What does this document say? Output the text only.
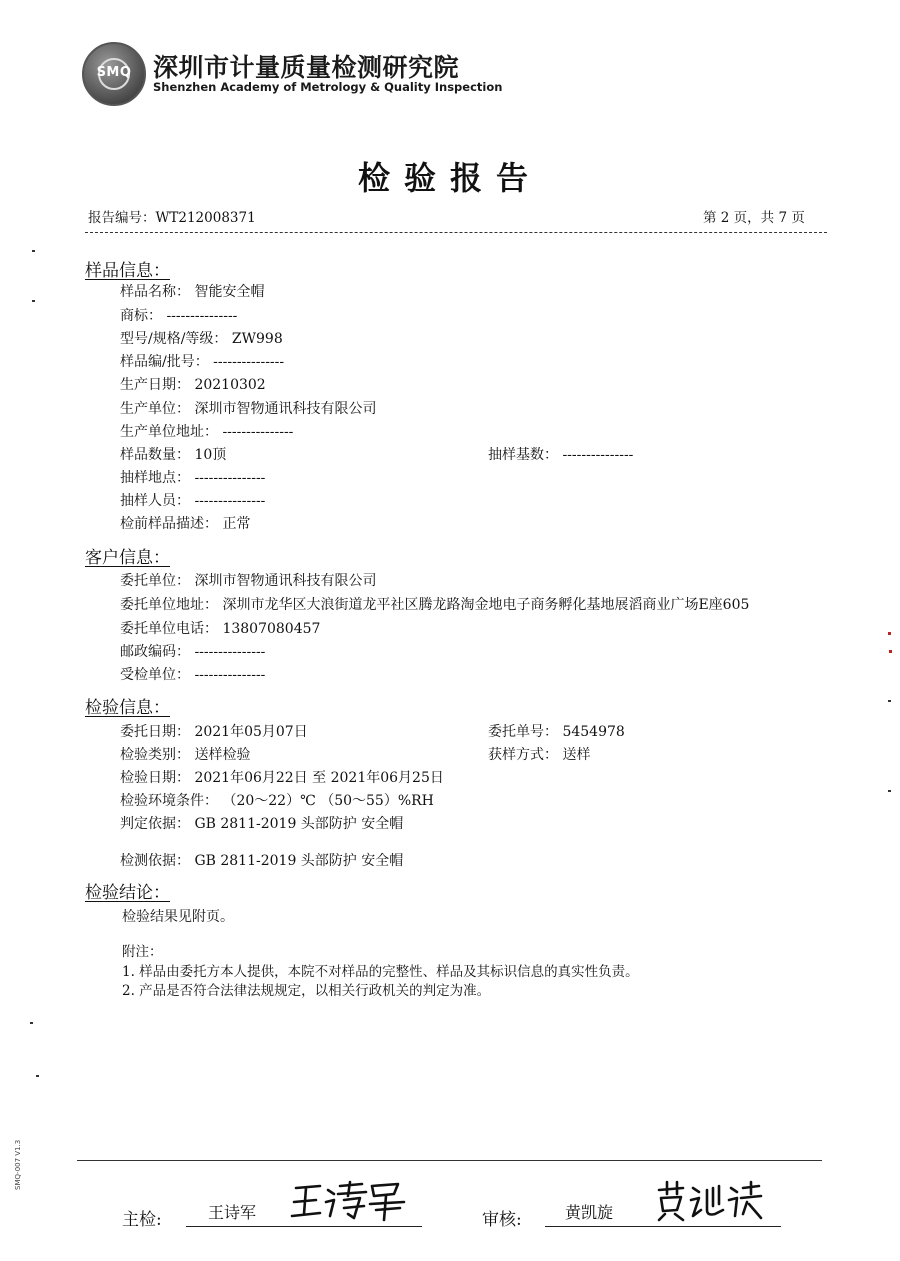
SMQ 深圳市计量质量检测研究院
Shenzhen Academy of Metrology & Quality Inspection
检验报告
报告编号：WT212008371	第 2 页，共 7 页
样品信息：
样品名称： 智能安全帽
商标： ---------------
型号/规格/等级： ZW998
样品编/批号： ---------------
生产日期： 20210302
生产单位： 深圳市智物通讯科技有限公司
生产单位地址： ---------------
样品数量： 10顶	抽样基数： ---------------
抽样地点： ---------------
抽样人员： ---------------
检前样品描述： 正常
客户信息：
委托单位： 深圳市智物通讯科技有限公司
委托单位地址： 深圳市龙华区大浪街道龙平社区腾龙路淘金地电子商务孵化基地展滔商业广场E座605
委托单位电话： 13807080457
邮政编码： ---------------
受检单位： ---------------
检验信息：
委托日期： 2021年05月07日	委托单号： 5454978
检验类别： 送样检验	获样方式： 送样
检验日期： 2021年06月22日 至 2021年06月25日
检验环境条件： （20～22）℃ （50～55）%RH
判定依据： GB 2811-2019 头部防护 安全帽
检测依据： GB 2811-2019 头部防护 安全帽
检验结论：
检验结果见附页。
附注：
1. 样品由委托方本人提供，本院不对样品的完整性、样品及其标识信息的真实性负责。
2. 产品是否符合法律法规规定，以相关行政机关的判定为准。
主检:	王诗军	审核:	黄凯旋
SMQ-007 V1.3
